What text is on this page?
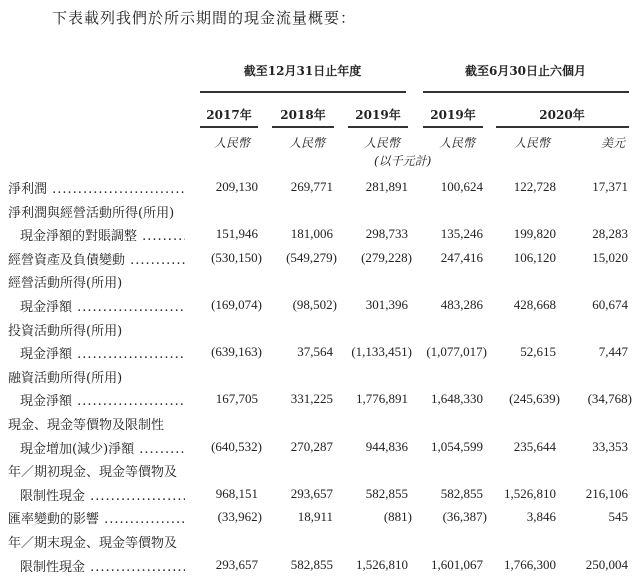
下表載列我們於所示期間的現金流量概要：
截至12月31日止年度	截至6月30日止六個月
2017年	2018年	2019年	2019年	2020年
人民幣	人民幣	人民幣	人民幣	人民幣	美元
(以千元計)
淨利潤 .....	209,130	269,771	281,891	100,624 122,728	17,371
淨利潤與經營活動所得(所用)
現金淨額的對賬調整 .....	151,946	181,006	298,733	135,246 199,820	28,283
經營資產及負債變動 .....	(530,150) (549,279) (279,228) 247,416 106,120	15,020
經營活動所得(所用)
現金淨額 .....	(169,074) (98,502) 301,396	483,286 428,668	60,674
投資活動所得(所用)
現金淨額 .....	(639,163)	37,564 (1,133,451) (1,077,017)	52,615	7,447
融資活動所得(所用)
現金淨額 .....	167,705	331,225 1,776,891 1,648,330 (245,639) (34,768)
現金、現金等價物及限制性
現金增加(減少)淨額 .....	(640,532) 270,287	944,836 1,054,599 235,644	33,353
年／期初現金、現金等價物及
限制性現金 .....	968,151	293,657	582,855	582,855 1,526,810 216,106
匯率變動的影響 .....	(33,962)	18,911	(881) (36,387)	3,846	545
年／期末現金、現金等價物及
限制性現金 .....	293,657	582,855 1,526,810 1,601,067 1,766,300 250,004
